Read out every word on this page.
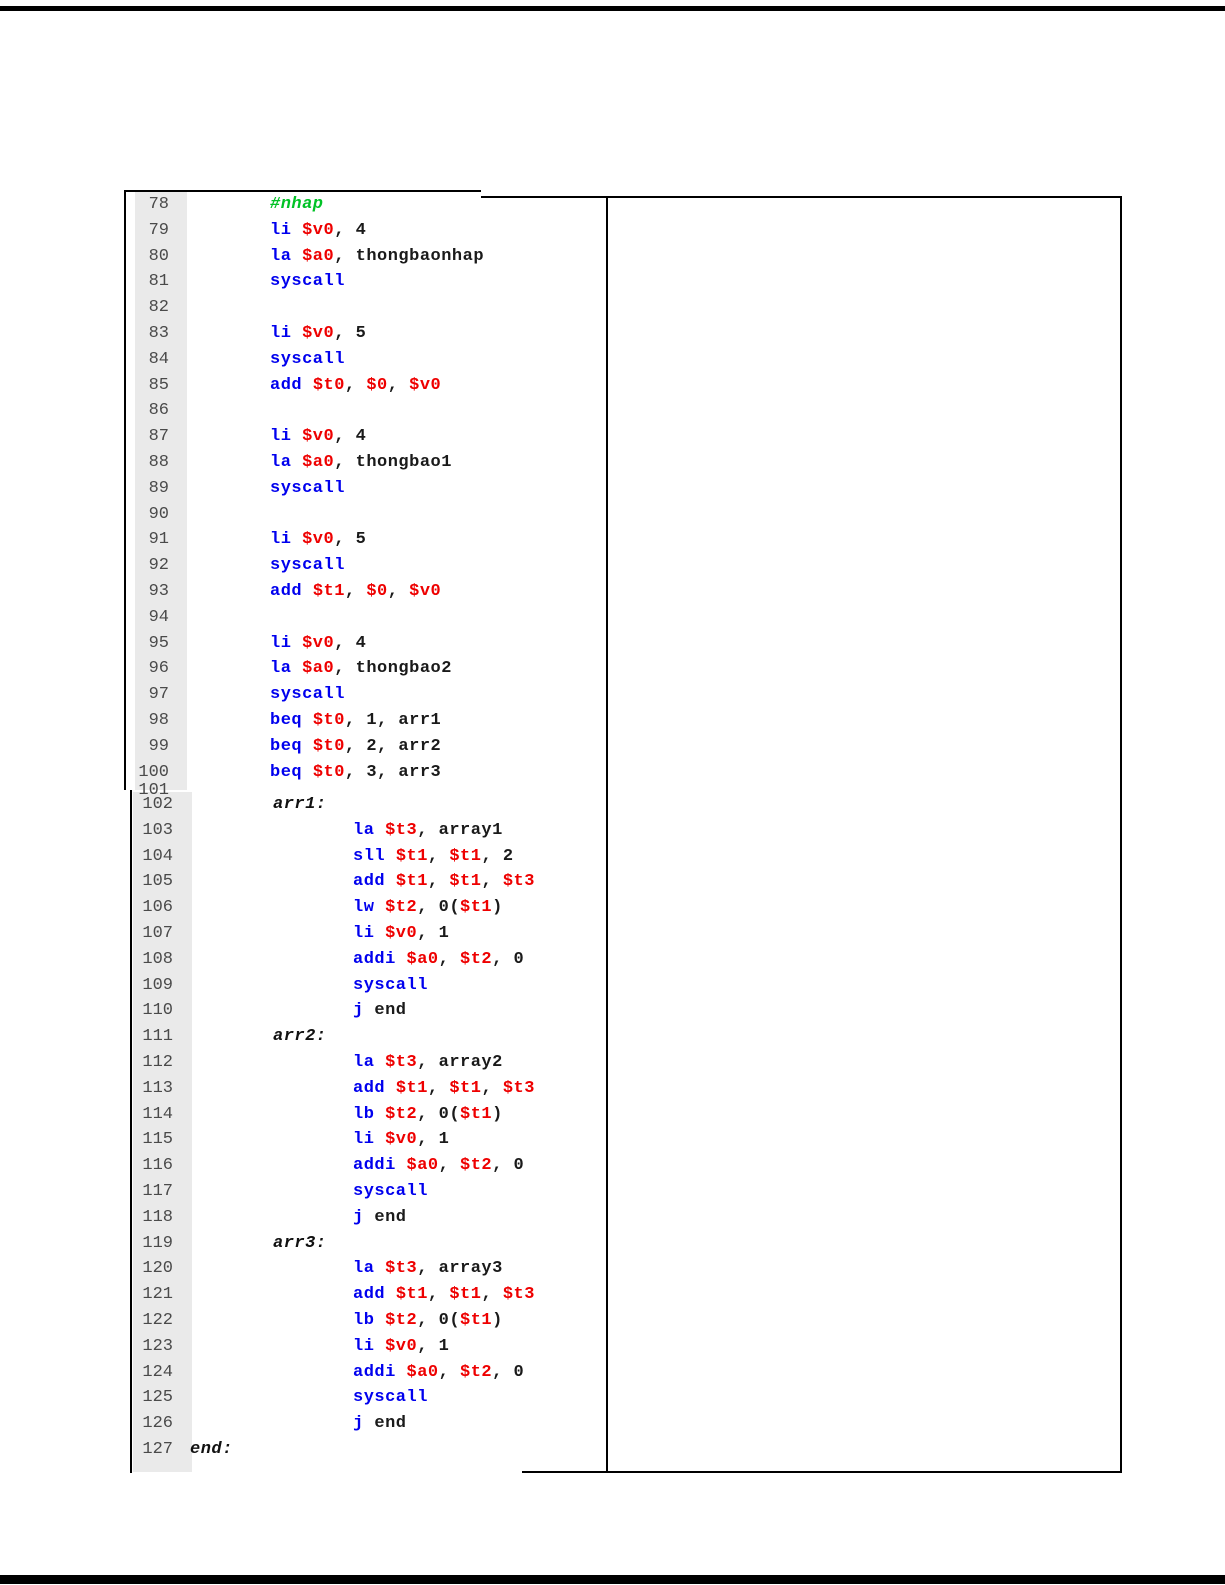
78	#nhap
79	li $v0, 4
80	la $a0, thongbaonhap
81	syscall
82
83	li $v0, 5
84	syscall
85	add $t0, $0, $v0
86
87	li $v0, 4
88	la $a0, thongbao1
89	syscall
90
91	li $v0, 5
92	syscall
93	add $t1, $0, $v0
94
95	li $v0, 4
96	la $a0, thongbao2
97	syscall
98	beq $t0, 1, arr1
99	beq $t0, 2, arr2
100	beq $t0, 3, arr3
101
102	arr1:
103	la $t3, array1
104	sll $t1, $t1, 2
105	add $t1, $t1, $t3
106	lw $t2, 0($t1)
107	li $v0, 1
108	addi $a0, $t2, 0
109	syscall
110	j end
111	arr2:
112	la $t3, array2
113	add $t1, $t1, $t3
114	lb $t2, 0($t1)
115	li $v0, 1
116	addi $a0, $t2, 0
117	syscall
118	j end
119	arr3:
120	la $t3, array3
121	add $t1, $t1, $t3
122	lb $t2, 0($t1)
123	li $v0, 1
124	addi $a0, $t2, 0
125	syscall
126	j end
127 end:
